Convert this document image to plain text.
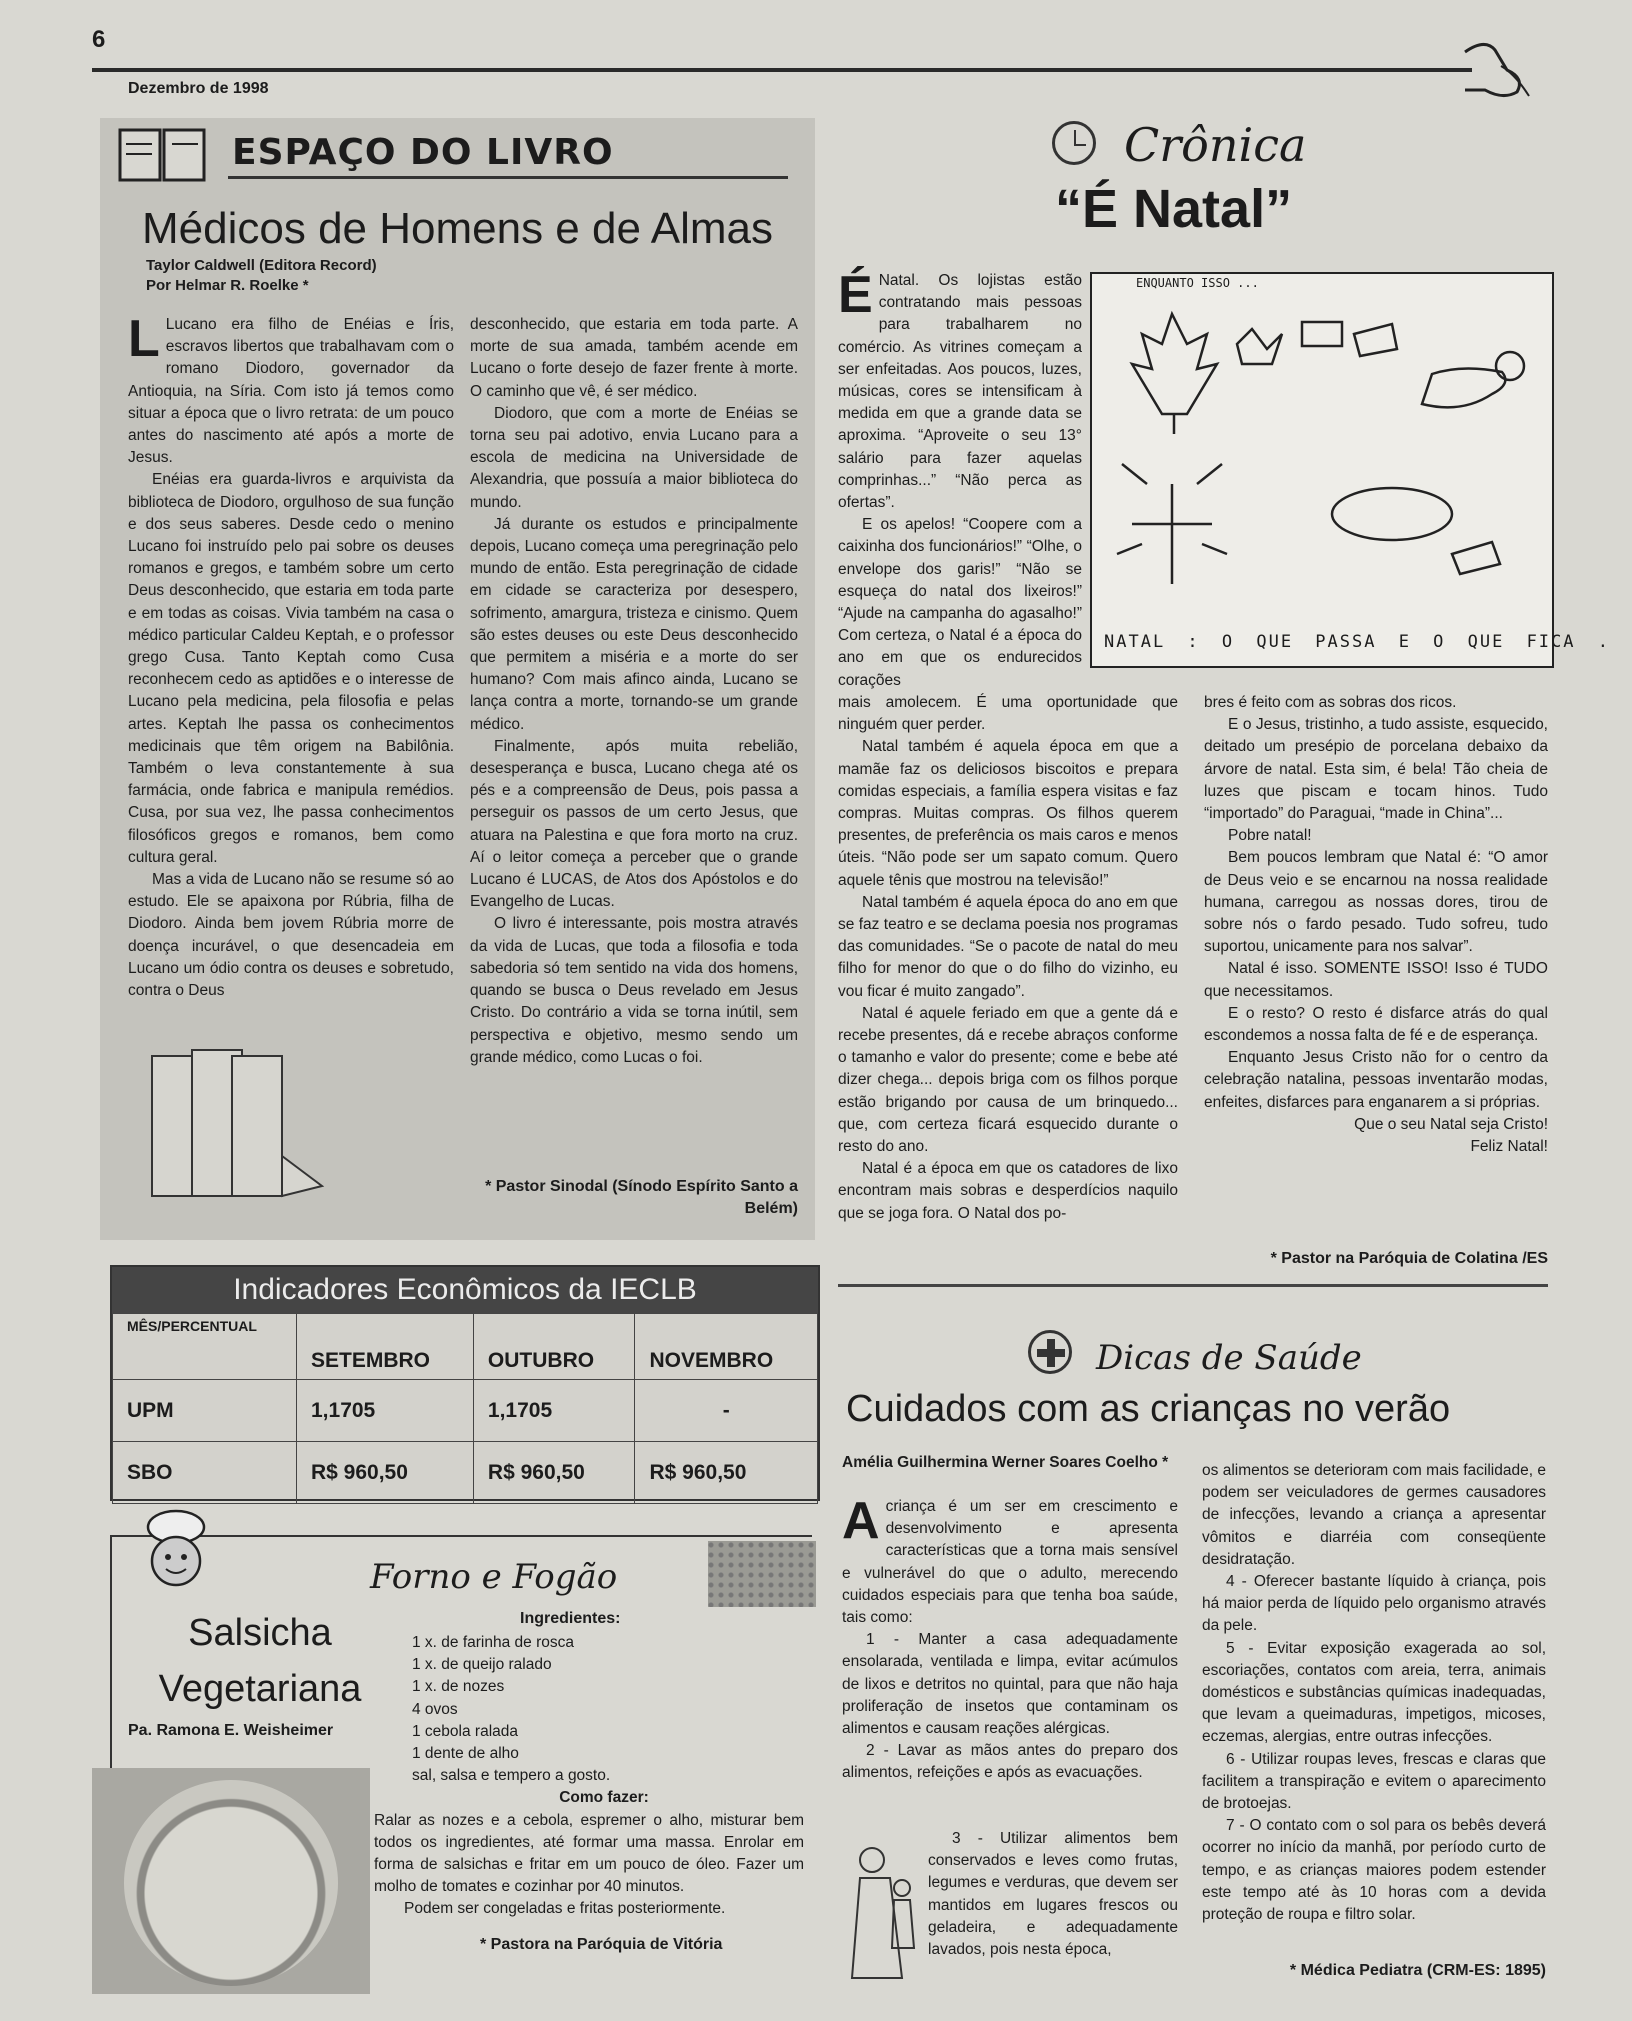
6
Dezembro de 1998
ESPAÇO DO LIVRO
Médicos de Homens e de Almas
Taylor Caldwell (Editora Record)
Por Helmar R. Roelke *

L Lucano era filho de Enéias e Íris, escravos libertos que trabalhavam com o romano Diodoro, governador da Antioquia, na Síria. Com isto já temos como situar a época que o livro retrata: de um pouco antes do nascimento até após a morte de Jesus.

Enéias era guarda-livros e arquivista da biblioteca de Diodoro, orgulhoso de sua função e dos seus saberes. Desde cedo o menino Lucano foi instruído pelo pai sobre os deuses romanos e gregos, e também sobre um certo Deus desconhecido, que estaria em toda parte e em todas as coisas. Vivia também na casa o médico particular Caldeu Keptah, e o professor grego Cusa. Tanto Keptah como Cusa reconhecem cedo as aptidões e o interesse de Lucano pela medicina, pela filosofia e pelas artes. Keptah lhe passa os conhecimentos medicinais que têm origem na Babilônia. Também o leva constantemente à sua farmácia, onde fabrica e manipula remédios. Cusa, por sua vez, lhe passa conhecimentos filosóficos gregos e romanos, bem como cultura geral.

Mas a vida de Lucano não se resume só ao estudo. Ele se apaixona por Rúbria, filha de Diodoro. Ainda bem jovem Rúbria morre de doença incurável, o que desencadeia em Lucano um ódio contra os deuses e sobretudo, contra o Deus

desconhecido, que estaria em toda parte. A morte de sua amada, também acende em Lucano o forte desejo de fazer frente à morte. O caminho que vê, é ser médico.

Diodoro, que com a morte de Enéias se torna seu pai adotivo, envia Lucano para a escola de medicina na Universidade de Alexandria, que possuía a maior biblioteca do mundo.

Já durante os estudos e principalmente depois, Lucano começa uma peregrinação pelo mundo de então. Esta peregrinação de cidade em cidade se caracteriza por desespero, sofrimento, amargura, tristeza e cinismo. Quem são estes deuses ou este Deus desconhecido que permitem a miséria e a morte do ser humano? Com mais afinco ainda, Lucano se lança contra a morte, tornando-se um grande médico.

Finalmente, após muita rebelião, desesperança e busca, Lucano chega até os pés e a compreensão de Deus, pois passa a perseguir os passos de um certo Jesus, que atuara na Palestina e que fora morto na cruz. Aí o leitor começa a perceber que o grande Lucano é LUCAS, de Atos dos Apóstolos e do Evangelho de Lucas.

O livro é interessante, pois mostra através da vida de Lucas, que toda a filosofia e toda sabedoria só tem sentido na vida dos homens, quando se busca o Deus revelado em Jesus Cristo. Do contrário a vida se torna inútil, sem perspectiva e objetivo, mesmo sendo um grande médico, como Lucas o foi.

* Pastor Sinodal (Sínodo Espírito Santo a Belém)
Indicadores Econômicos da IECLB
MÊS/PERCENTUAL	SETEMBRO	OUTUBRO	NOVEMBRO
UPM	1,1705	1,1705	-
SBO	R$ 960,50	R$ 960,50	R$ 960,50
Forno e Fogão
Salsicha
Vegetariana
Pa. Ramona E. Weisheimer
Ingredientes:
1 x. de farinha de rosca
1 x. de queijo ralado
1 x. de nozes
4 ovos
1 cebola ralada
1 dente de alho
sal, salsa e tempero a gosto.
Como fazer:

Ralar as nozes e a cebola, espremer o alho, misturar bem todos os ingredientes, até formar uma massa. Enrolar em forma de salsichas e fritar em um pouco de óleo. Fazer um molho de tomates e cozinhar por 40 minutos.

Podem ser congeladas e fritas posteriormente.
* Pastora na Paróquia de Vitória
Crônica
“É Natal”

É Natal. Os lojistas estão contratando mais pessoas para trabalharem no comércio. As vitrines começam a ser enfeitadas. Aos poucos, luzes, músicas, cores se intensificam à medida em que a grande data se aproxima. “Aproveite o seu 13° salário para fazer aquelas comprinhas...” “Não perca as ofertas”.

E os apelos! “Coopere com a caixinha dos funcionários!” “Olhe, o envelope dos garis!” “Não se esqueça do natal dos lixeiros!” “Ajude na campanha do agasalho!” Com certeza, o Natal é a época do ano em que os endurecidos corações

ENQUANTO ISSO ...
NATAL : O QUE PASSA E O QUE FICA .

mais amolecem. É uma oportunidade que ninguém quer perder.

Natal também é aquela época em que a mamãe faz os deliciosos biscoitos e prepara comidas especiais, a família espera visitas e faz compras. Muitas compras. Os filhos querem presentes, de preferência os mais caros e menos úteis. “Não pode ser um sapato comum. Quero aquele tênis que mostrou na televisão!”

Natal também é aquela época do ano em que se faz teatro e se declama poesia nos programas das comunidades. “Se o pacote de natal do meu filho for menor do que o do filho do vizinho, eu vou ficar é muito zangado”.

Natal é aquele feriado em que a gente dá e recebe presentes, dá e recebe abraços conforme o tamanho e valor do presente; come e bebe até dizer chega... depois briga com os filhos porque estão brigando por causa de um brinquedo... que, com certeza ficará esquecido durante o resto do ano.

Natal é a época em que os catadores de lixo encontram mais sobras e desperdícios naquilo que se joga fora. O Natal dos po-

bres é feito com as sobras dos ricos.

E o Jesus, tristinho, a tudo assiste, esquecido, deitado um presépio de porcelana debaixo da árvore de natal. Esta sim, é bela! Tão cheia de luzes que piscam e tocam hinos. Tudo “importado” do Paraguai, “made in China”...

Pobre natal!

Bem poucos lembram que Natal é: “O amor de Deus veio e se encarnou na nossa realidade humana, carregou as nossas dores, tirou de sobre nós o fardo pesado. Tudo sofreu, tudo suportou, unicamente para nos salvar”.

Natal é isso. SOMENTE ISSO! Isso é TUDO que necessitamos.

E o resto? O resto é disfarce atrás do qual escondemos a nossa falta de fé e de esperança.

Enquanto Jesus Cristo não for o centro da celebração natalina, pessoas inventarão modas, enfeites, disfarces para enganarem a si próprias.

Que o seu Natal seja Cristo!
Feliz Natal!
* Pastor na Paróquia de Colatina /ES
Dicas de Saúde
Cuidados com as crianças no verão
Amélia Guilhermina Werner Soares Coelho *

Acriança é um ser em crescimento e desenvolvimento e apresenta características que a torna mais sensível e vulnerável do que o adulto, merecendo cuidados especiais para que tenha boa saúde, tais como:

1 - Manter a casa adequadamente ensolarada, ventilada e limpa, evitar acúmulos de lixos e detritos no quintal, para que não haja proliferação de insetos que contaminam os alimentos e causam reações alérgicas.

2 - Lavar as mãos antes do preparo dos alimentos, refeições e após as evacuações.

3 - Utilizar alimentos bem conservados e leves como frutas, legumes e verduras, que devem ser mantidos em lugares frescos ou geladeira, e adequadamente lavados, pois nesta época,

os alimentos se deterioram com mais facilidade, e podem ser veiculadores de germes causadores de infecções, levando a criança a apresentar vômitos e diarréia com conseqüente desidratação.

4 - Oferecer bastante líquido à criança, pois há maior perda de líquido pelo organismo através da pele.

5 - Evitar exposição exagerada ao sol, escoriações, contatos com areia, terra, animais domésticos e substâncias químicas inadequadas, que levam a queimaduras, impetigos, micoses, eczemas, alergias, entre outras infecções.

6 - Utilizar roupas leves, frescas e claras que facilitem a transpiração e evitem o aparecimento de brotoejas.

7 - O contato com o sol para os bebês deverá ocorrer no início da manhã, por período curto de tempo, e as crianças maiores podem estender este tempo até às 10 horas com a devida proteção de roupa e filtro solar.

* Médica Pediatra (CRM-ES: 1895)
